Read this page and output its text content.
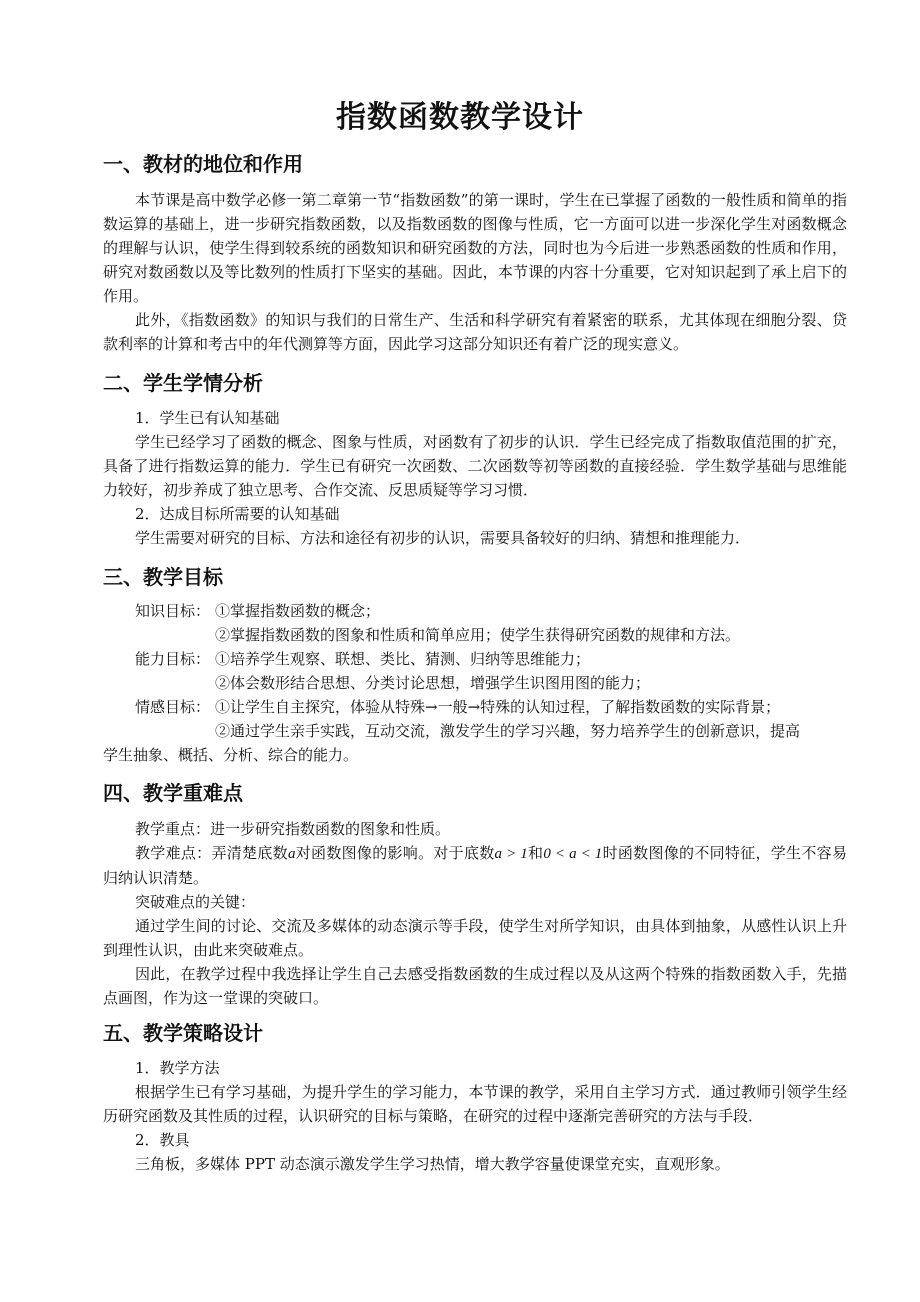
指数函数教学设计
一、教材的地位和作用

本节课是高中数学必修一第二章第一节“指数函数”的第一课时，学生在已掌握了函数的一般性质和简单的指数运算的基础上，进一步研究指数函数，以及指数函数的图像与性质，它一方面可以进一步深化学生对函数概念的理解与认识，使学生得到较系统的函数知识和研究函数的方法，同时也为今后进一步熟悉函数的性质和作用，研究对数函数以及等比数列的性质打下坚实的基础。因此，本节课的内容十分重要，它对知识起到了承上启下的作用。

此外，《指数函数》的知识与我们的日常生产、生活和科学研究有着紧密的联系，尤其体现在细胞分裂、贷款利率的计算和考古中的年代测算等方面，因此学习这部分知识还有着广泛的现实意义。

二、学生学情分析

1．学生已有认知基础

学生已经学习了函数的概念、图象与性质，对函数有了初步的认识．学生已经完成了指数取值范围的扩充，具备了进行指数运算的能力．学生已有研究一次函数、二次函数等初等函数的直接经验．学生数学基础与思维能力较好，初步养成了独立思考、合作交流、反思质疑等学习习惯．

2．达成目标所需要的认知基础

学生需要对研究的目标、方法和途径有初步的认识，需要具备较好的归纳、猜想和推理能力．

三、教学目标
知识目标： ①掌握指数函数的概念；

②掌握指数函数的图象和性质和简单应用；使学生获得研究函数的规律和方法。

能力目标： ①培养学生观察、联想、类比、猜测、归纳等思维能力；

②体会数形结合思想、分类讨论思想，增强学生识图用图的能力；

情感目标： ①让学生自主探究，体验从特殊→一般→特殊的认知过程，了解指数函数的实际背景；

②通过学生亲手实践，互动交流，激发学生的学习兴趣，努力培养学生的创新意识，提高

学生抽象、概括、分析、综合的能力。

四、教学重难点

教学重点：进一步研究指数函数的图象和性质。

教学难点：弄清楚底数a对函数图像的影响。对于底数a > 1和0 < a < 1时函数图像的不同特征，学生不容易归纳认识清楚。

突破难点的关键：

通过学生间的讨论、交流及多媒体的动态演示等手段，使学生对所学知识，由具体到抽象，从感性认识上升到理性认识，由此来突破难点。

因此，在教学过程中我选择让学生自己去感受指数函数的生成过程以及从这两个特殊的指数函数入手，先描点画图，作为这一堂课的突破口。

五、教学策略设计

1．教学方法

根据学生已有学习基础，为提升学生的学习能力，本节课的教学，采用自主学习方式．通过教师引领学生经历研究函数及其性质的过程，认识研究的目标与策略，在研究的过程中逐渐完善研究的方法与手段．

2．教具

三角板，多媒体 PPT 动态演示激发学生学习热情，增大教学容量使课堂充实，直观形象。
